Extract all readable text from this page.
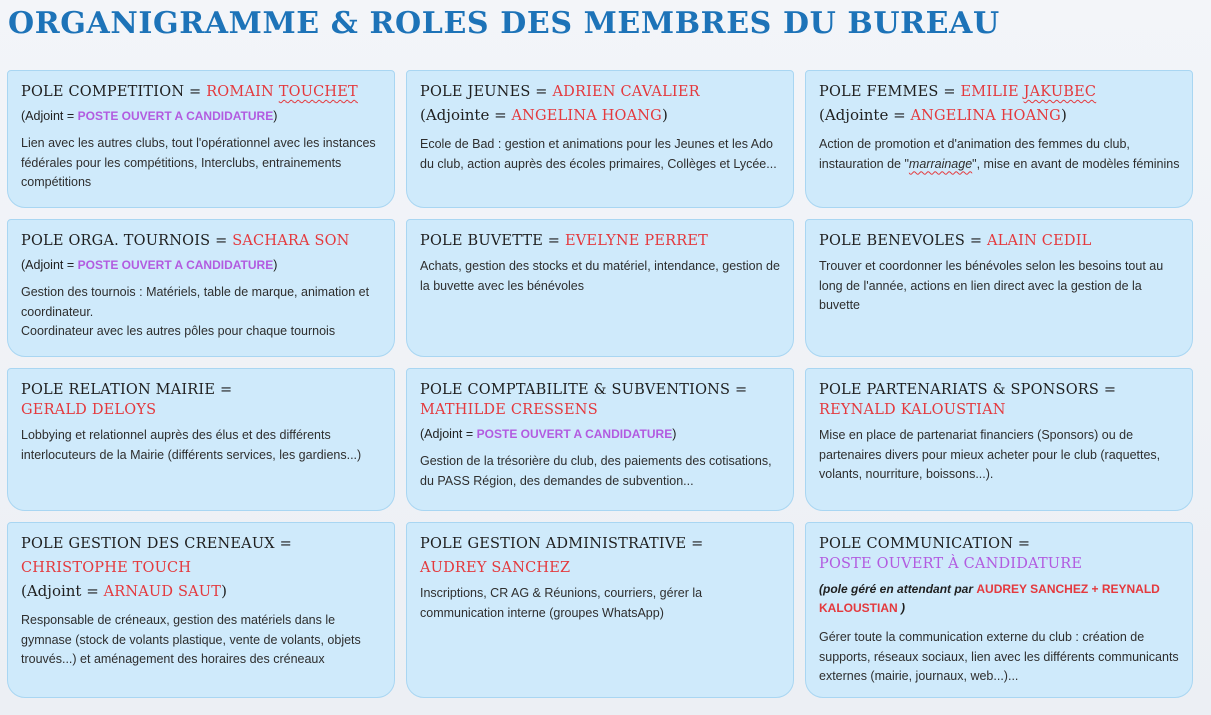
ORGANIGRAMME & ROLES DES MEMBRES DU BUREAU
POLE COMPETITION = ROMAIN TOUCHET
(Adjoint = POSTE OUVERT A CANDIDATURE)
Lien avec les autres clubs, tout l'opérationnel avec les instances fédérales pour les compétitions, Interclubs, entrainements compétitions
POLE JEUNES = ADRIEN CAVALIER
(Adjointe = ANGELINA HOANG)
Ecole de Bad : gestion et animations pour les Jeunes et les Ado du club, action auprès des écoles primaires, Collèges et Lycée...
POLE FEMMES = EMILIE JAKUBEC
(Adjointe = ANGELINA HOANG)
Action de promotion et d'animation des femmes du club, instauration de "marrainage", mise en avant de modèles féminins
POLE ORGA. TOURNOIS = SACHARA SON
(Adjoint = POSTE OUVERT A CANDIDATURE)
Gestion des tournois : Matériels, table de marque, animation et coordinateur.
Coordinateur avec les autres pôles pour chaque tournois
POLE BUVETTE = EVELYNE PERRET
Achats, gestion des stocks et du matériel, intendance, gestion de la buvette avec les bénévoles
POLE BENEVOLES = ALAIN CEDIL
Trouver et coordonner les bénévoles selon les besoins tout au long de l'année, actions en lien direct avec la gestion de la buvette
POLE RELATION MAIRIE =
GERALD DELOYS
Lobbying et relationnel auprès des élus et des différents interlocuteurs de la Mairie (différents services, les gardiens...)
POLE COMPTABILITE & SUBVENTIONS =
MATHILDE CRESSENS
(Adjoint = POSTE OUVERT A CANDIDATURE)
Gestion de la trésorière du club, des paiements des cotisations, du PASS Région, des demandes de subvention...
POLE PARTENARIATS & SPONSORS = REYNALD KALOUSTIAN
Mise en place de partenariat financiers (Sponsors) ou de partenaires divers pour mieux acheter pour le club (raquettes, volants, nourriture, boissons...).
POLE GESTION DES CRENEAUX =
CHRISTOPHE TOUCH
(Adjoint = ARNAUD SAUT)
Responsable de créneaux, gestion des matériels dans le gymnase (stock de volants plastique, vente de volants, objets trouvés...) et aménagement des horaires des créneaux
POLE GESTION ADMINISTRATIVE =
AUDREY SANCHEZ
Inscriptions, CR AG & Réunions, courriers, gérer la communication interne (groupes WhatsApp)
POLE COMMUNICATION =
POSTE OUVERT À CANDIDATURE
(pole géré en attendant par AUDREY SANCHEZ + REYNALD KALOUSTIAN )
Gérer toute la communication externe du club : création de supports, réseaux sociaux, lien avec les différents communicants externes (mairie, journaux, web...)...
